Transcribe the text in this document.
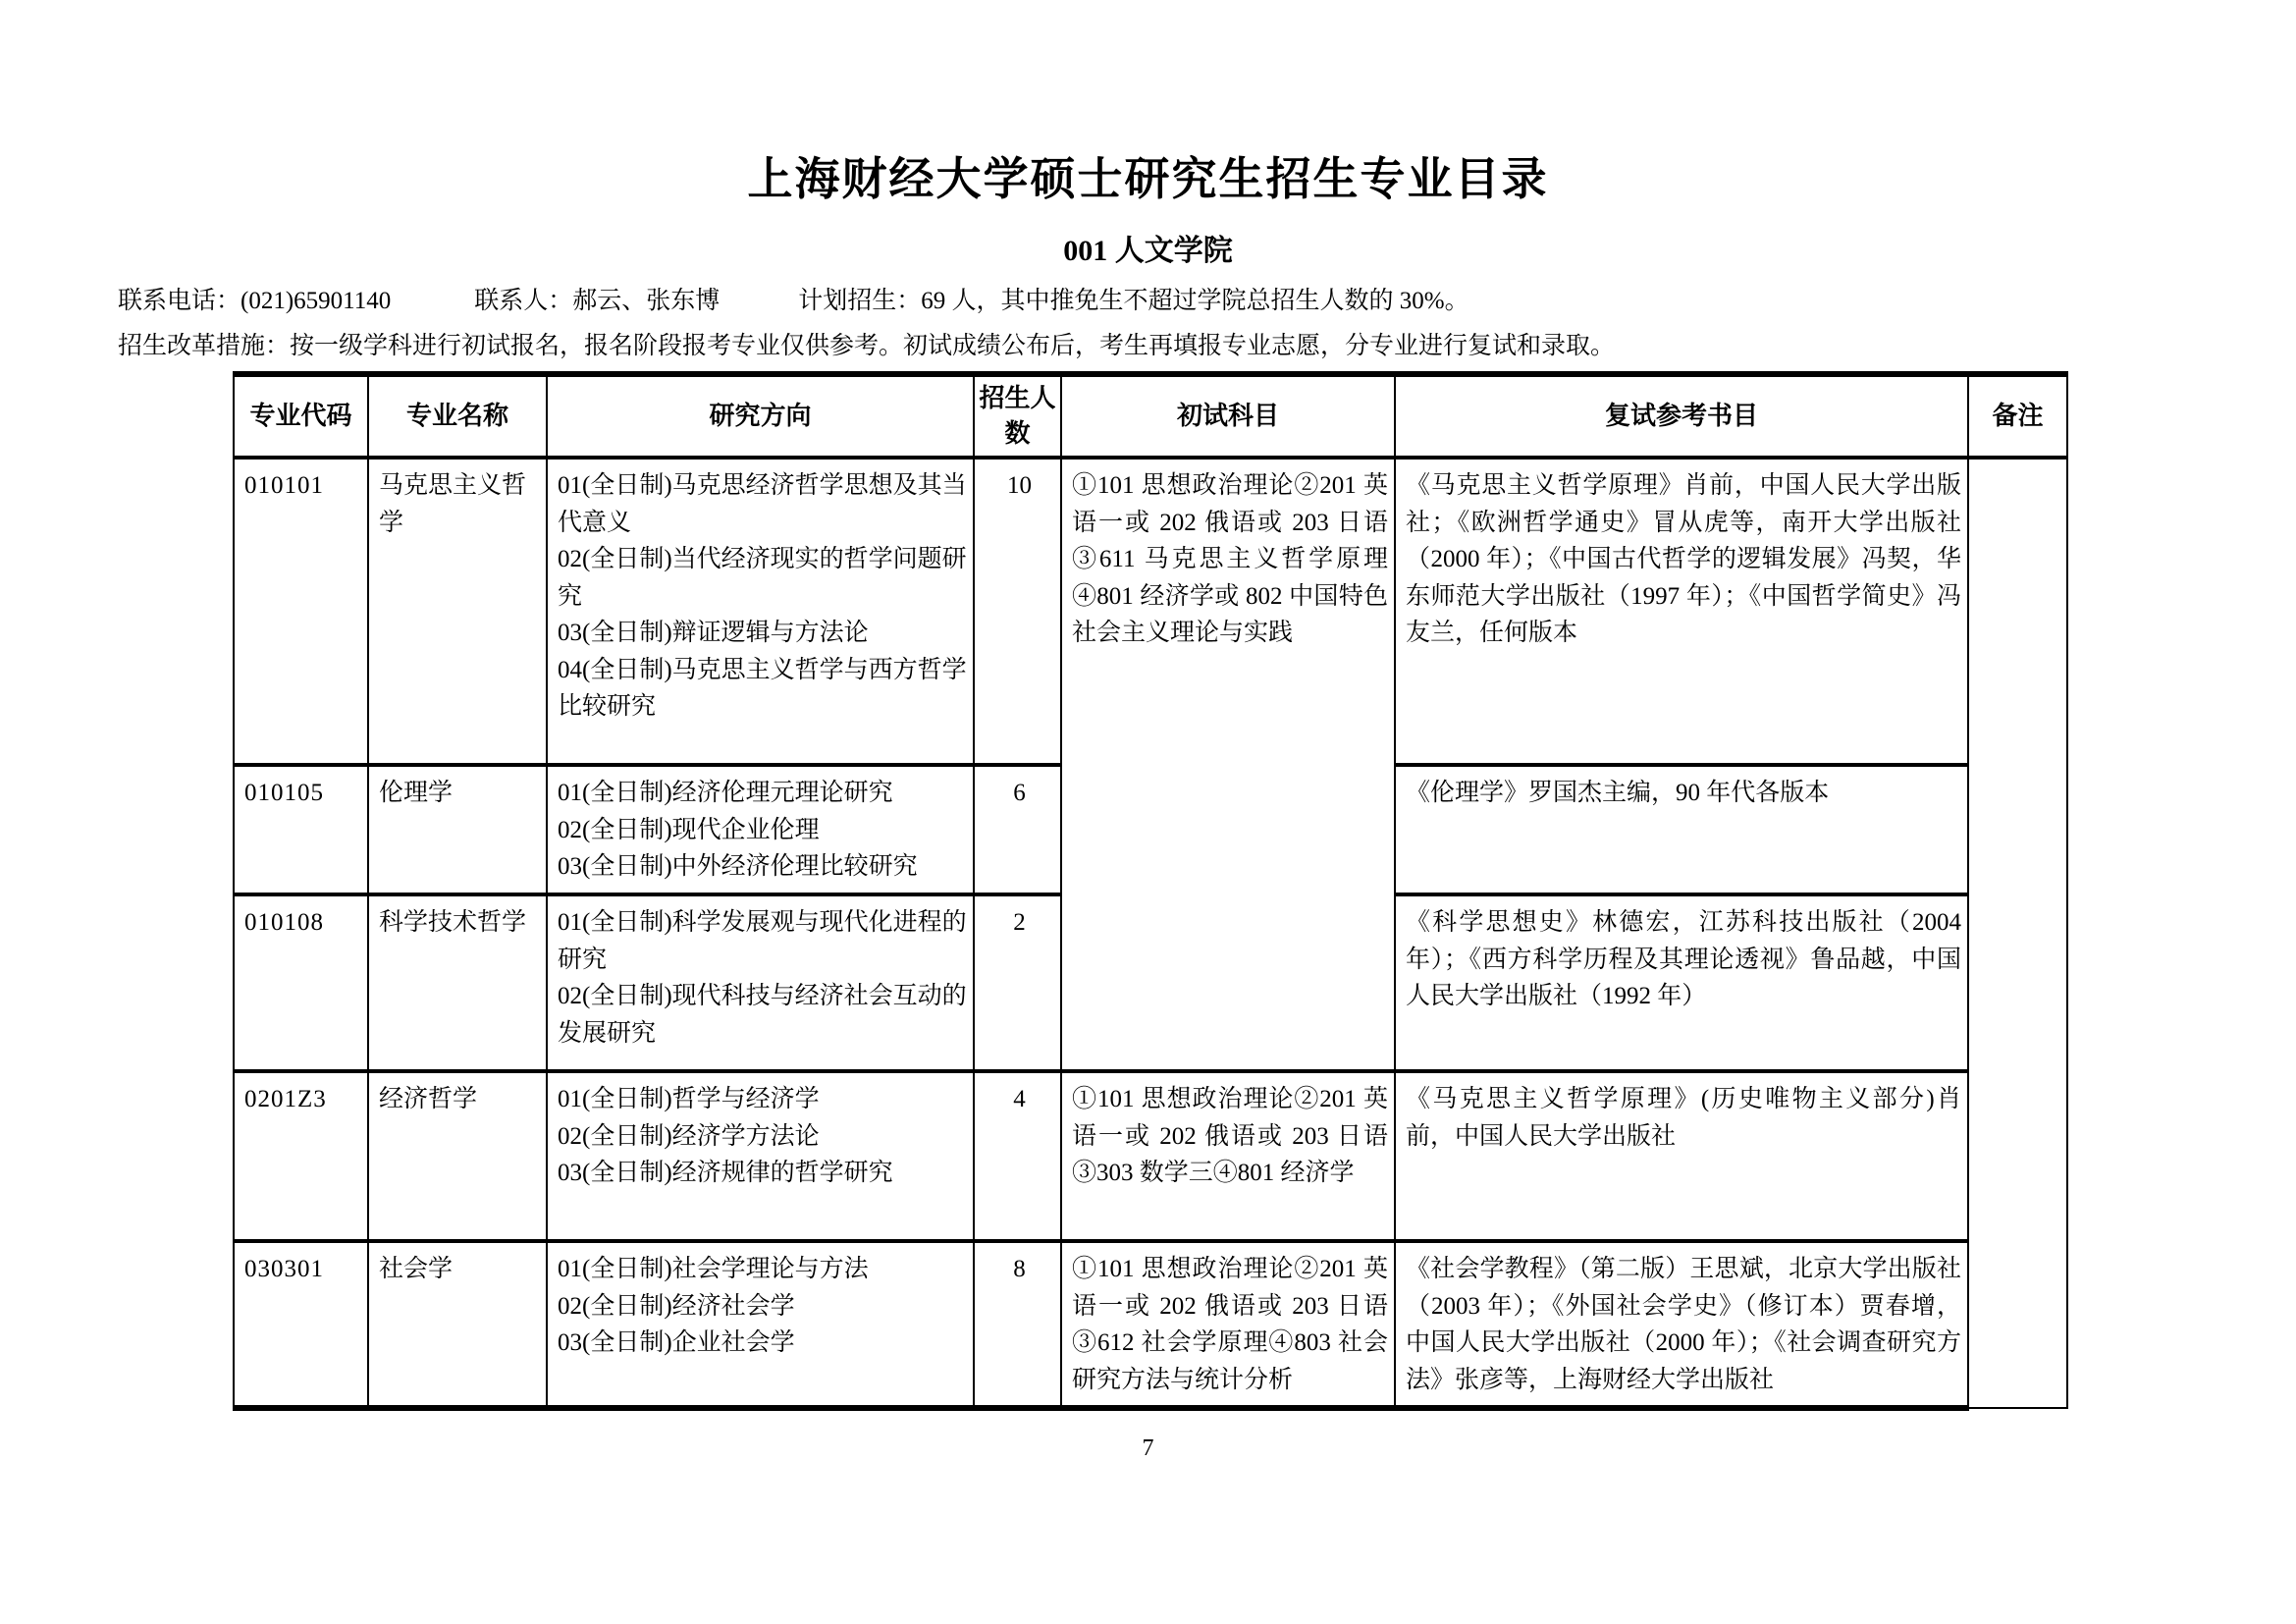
上海财经大学硕士研究生招生专业目录
001 人文学院
联系电话：(021)65901140	联系人：郝云、张东博	计划招生：69 人，其中推免生不超过学院总招生人数的 30%。
招生改革措施：按一级学科进行初试报名，报名阶段报考专业仅供参考。初试成绩公布后，考生再填报专业志愿，分专业进行复试和录取。
专业代码	专业名称	研究方向	招生人数	初试科目	复试参考书目	备注
010101	马克思主义哲学	01(全日制)马克思经济哲学思想及其当代意义
02(全日制)当代经济现实的哲学问题研究
03(全日制)辩证逻辑与方法论
04(全日制)马克思主义哲学与西方哲学比较研究	10	①101 思想政治理论②201 英语一或 202 俄语或 203 日语③611 马克思主义哲学原理④801 经济学或 802 中国特色社会主义理论与实践	《马克思主义哲学原理》肖前，中国人民大学出版社；《欧洲哲学通史》冒从虎等，南开大学出版社（2000 年）；《中国古代哲学的逻辑发展》冯契，华东师范大学出版社（1997 年）；《中国哲学简史》冯友兰，任何版本	
010105	伦理学	01(全日制)经济伦理元理论研究
02(全日制)现代企业伦理
03(全日制)中外经济伦理比较研究	6		《伦理学》罗国杰主编，90 年代各版本	
010108	科学技术哲学	01(全日制)科学发展观与现代化进程的研究
02(全日制)现代科技与经济社会互动的发展研究	2		《科学思想史》林德宏，江苏科技出版社（2004 年）；《西方科学历程及其理论透视》鲁品越，中国人民大学出版社（1992 年）	
0201Z3	经济哲学	01(全日制)哲学与经济学
02(全日制)经济学方法论
03(全日制)经济规律的哲学研究	4	①101 思想政治理论②201 英语一或 202 俄语或 203 日语③303 数学三④801 经济学	《马克思主义哲学原理》(历史唯物主义部分)肖前，中国人民大学出版社	
030301	社会学	01(全日制)社会学理论与方法
02(全日制)经济社会学
03(全日制)企业社会学	8	①101 思想政治理论②201 英语一或 202 俄语或 203 日语③612 社会学原理④803 社会研究方法与统计分析	《社会学教程》（第二版）王思斌，北京大学出版社（2003 年）；《外国社会学史》（修订本）贾春增，中国人民大学出版社（2000 年）；《社会调查研究方法》张彦等，上海财经大学出版社	
7
